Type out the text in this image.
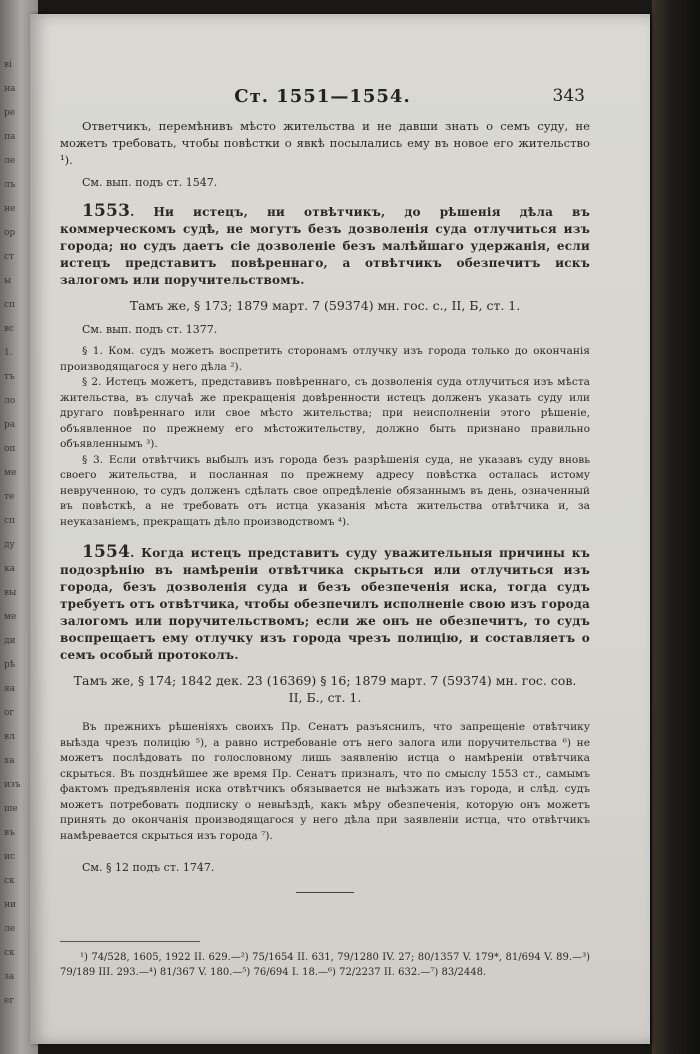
ві
на
ре
па
ле
лъ
не
ор
ст
ы
сп
вс
1.
тъ
ло
ра
оп
ме
те
сп
ду
ка
вы
ме
ди
рѣ
яа
ог
вл
ха
изъ
ше
въ
ис
ск
ни
ле
ск
за
ег
Ст. 1551—1554.	343

Ответчикъ, перемѣнивъ мѣсто жительства и не давши знать о семъ суду, не можетъ требовать, чтобы повѣстки о явкѣ посылались ему въ новое его жительство ¹).

См. вып. подъ ст. 1547.

1553. Ни истецъ, ни отвѣтчикъ, до рѣшенія дѣла въ коммерческомъ судѣ, не могутъ безъ дозволенія суда отлучиться изъ города; но судъ даетъ сіе дозволеніе безъ малѣйшаго удержанія, если истецъ представитъ повѣреннаго, а отвѣтчикъ обезпечитъ искъ залогомъ или поручительствомъ.

Тамъ же, § 173; 1879 март. 7 (59374) мн. гос. с., II, Б, ст. 1.

См. вып. подъ ст. 1377.

§ 1. Ком. судъ можетъ воспретить сторонамъ отлучку изъ города только до окончанія производящагося у него дѣла ²).

§ 2. Истецъ можетъ, представивъ повѣреннаго, съ дозволенія суда отлучиться изъ мѣста жительства, въ случаѣ же прекращенія довѣренности истецъ долженъ указать суду или другаго повѣреннаго или свое мѣсто жительства; при неисполненіи этого рѣшеніе, объявленное по прежнему его мѣстожительству, должно быть признано правильно объявленнымъ ³).

§ 3. Если отвѣтчикъ выбылъ изъ города безъ разрѣшенія суда, не указавъ суду вновь своего жительства, и посланная по прежнему адресу повѣстка осталась истому неврученною, то судъ долженъ сдѣлать свое опредѣленіе обязаннымъ въ день, означенный въ повѣсткѣ, а не требовать отъ истца указанія мѣста жительства отвѣтчика и, за неуказаніемъ, прекращать дѣло производствомъ ⁴).

1554. Когда истецъ представитъ суду уважительныя причины къ подозрѣнію въ намѣреніи отвѣтчика скрыться или отлучиться изъ города, безъ дозволенія суда и безъ обезпеченія иска, тогда судъ требуетъ отъ отвѣтчика, чтобы обезпечилъ исполненіе свою изъ города залогомъ или поручительствомъ; если же онъ не обезпечитъ, то судъ воспрещаетъ ему отлучку изъ города чрезъ полицію, и составляетъ о семъ особый протоколъ.

Тамъ же, § 174; 1842 дек. 23 (16369) § 16; 1879 март. 7 (59374) мн. гос. сов. II, Б., ст. 1.

Въ прежнихъ рѣшеніяхъ своихъ Пр. Сенатъ разъяснилъ, что запрещеніе отвѣтчику выѣзда чрезъ полицію ⁵), а равно истребованіе отъ него залога или поручительства ⁶) не можетъ послѣдовать по голословному лишь заявленію истца о намѣреніи отвѣтчика скрыться. Въ позднѣйшее же время Пр. Сенатъ призналъ, что по смыслу 1553 ст., самымъ фактомъ предъявленія иска отвѣтчикъ обязывается не выѣзжать изъ города, и слѣд. судъ можетъ потребовать подписку о невыѣздѣ, какъ мѣру обезпеченія, которую онъ можетъ принять до окончанія производящагося у него дѣла при заявленіи истца, что отвѣтчикъ намѣревается скрыться изъ города ⁷).

См. § 12 подъ ст. 1747.

¹) 74/528, 1605, 1922 II. 629.—²) 75/1654 II. 631, 79/1280 IV. 27; 80/1357 V. 179*, 81/694 V. 89.—³) 79/189 III. 293.—⁴) 81/367 V. 180.—⁵) 76/694 I. 18.—⁶) 72/2237 II. 632.—⁷) 83/2448.
